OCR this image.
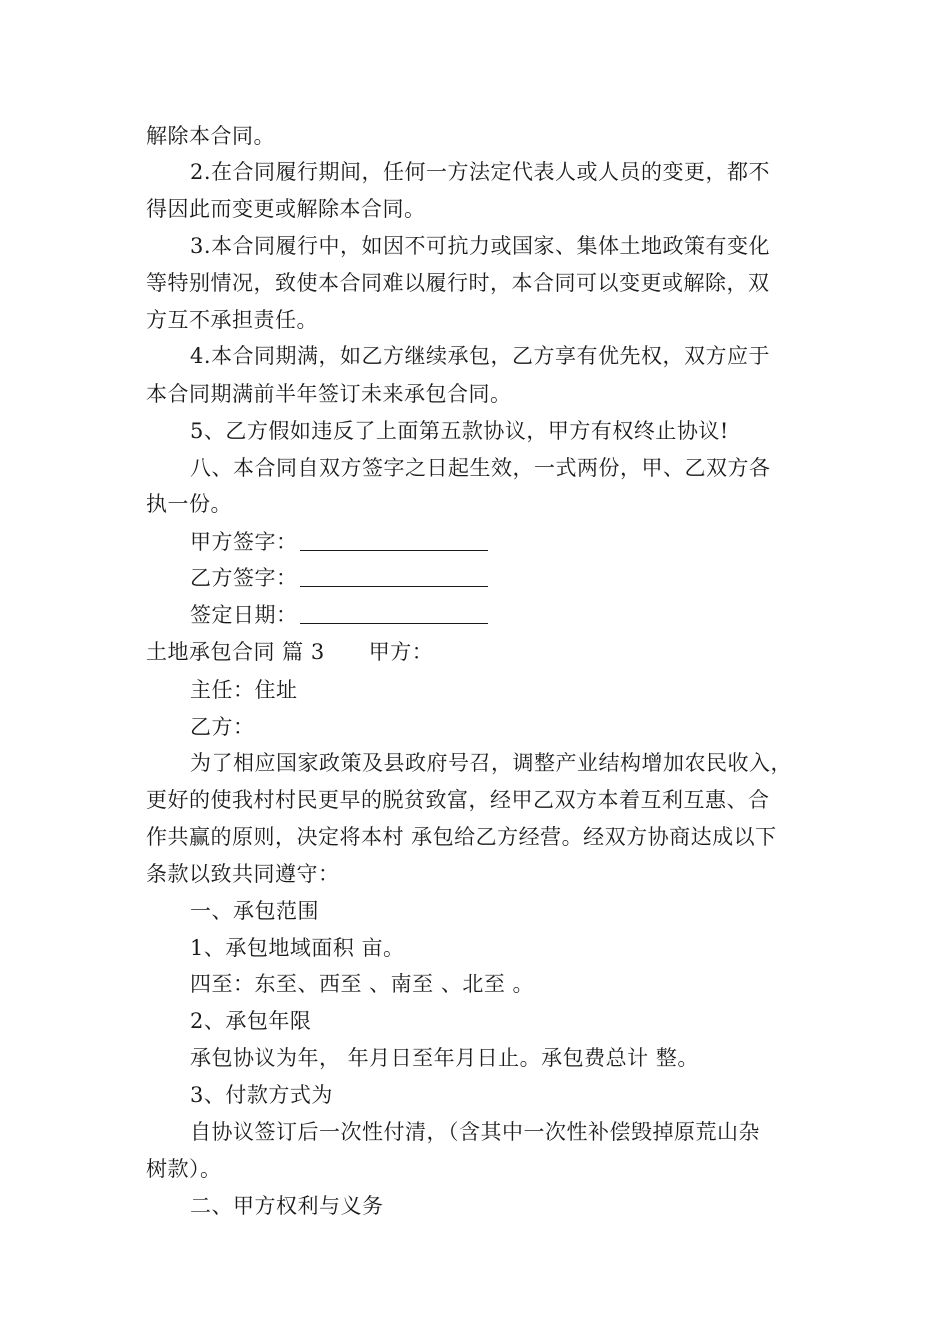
解除本合同。
2.在合同履行期间，任何一方法定代表人或人员的变更，都不
得因此而变更或解除本合同。
3.本合同履行中，如因不可抗力或国家、集体土地政策有变化
等特别情况，致使本合同难以履行时，本合同可以变更或解除，双
方互不承担责任。
4.本合同期满，如乙方继续承包，乙方享有优先权，双方应于
本合同期满前半年签订未来承包合同。
5、乙方假如违反了上面第五款协议，甲方有权终止协议!
八、本合同自双方签字之日起生效，一式两份，甲、乙双方各
执一份。
甲方签字：
乙方签字：
签定日期：
土地承包合同 篇 3 甲方：
主任：住址
乙方：
为了相应国家政策及县政府号召，调整产业结构增加农民收入，
更好的使我村村民更早的脱贫致富，经甲乙双方本着互利互惠、合
作共赢的原则，决定将本村 承包给乙方经营。经双方协商达成以下
条款以致共同遵守：
一、承包范围
1、承包地域面积 亩。
四至：东至、西至 、南至 、北至 。
2、承包年限
承包协议为年， 年月日至年月日止。承包费总计 整。
3、付款方式为
自协议签订后一次性付清，（含其中一次性补偿毁掉原荒山杂
树款）。
二、甲方权利与义务
